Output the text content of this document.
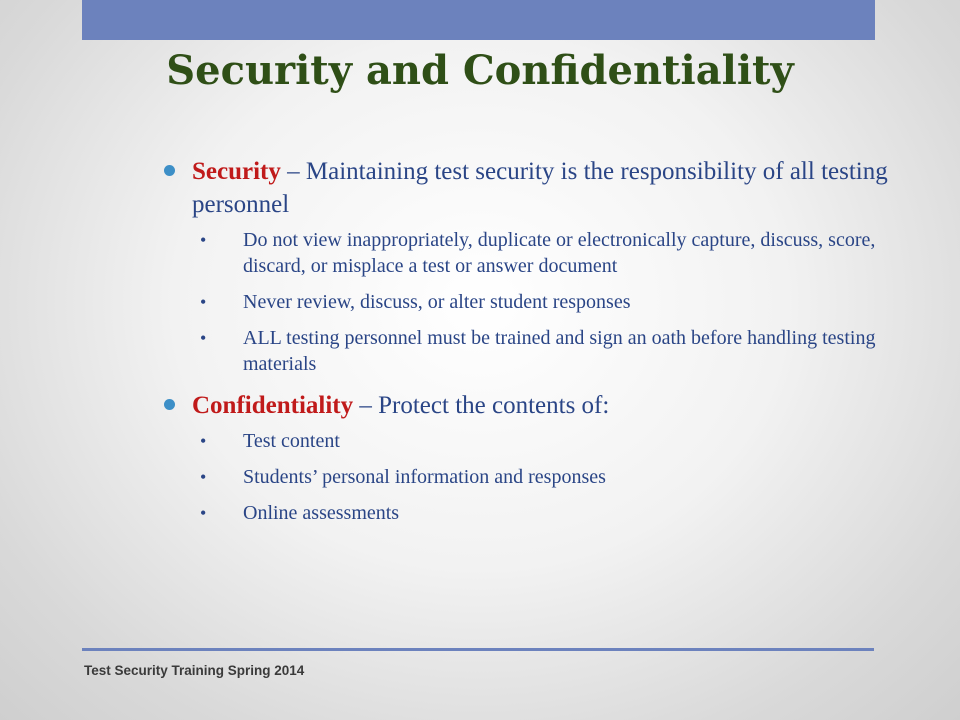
Security and Confidentiality
Security – Maintaining test security is the responsibility of all testing personnel
• Do not view inappropriately, duplicate or electronically capture, discuss, score, discard, or misplace a test or answer document
• Never review, discuss, or alter student responses
• ALL testing personnel must be trained and sign an oath before handling testing materials
Confidentiality – Protect the contents of:
• Test content
• Students’ personal information and responses
• Online assessments
Test Security Training Spring 2014
